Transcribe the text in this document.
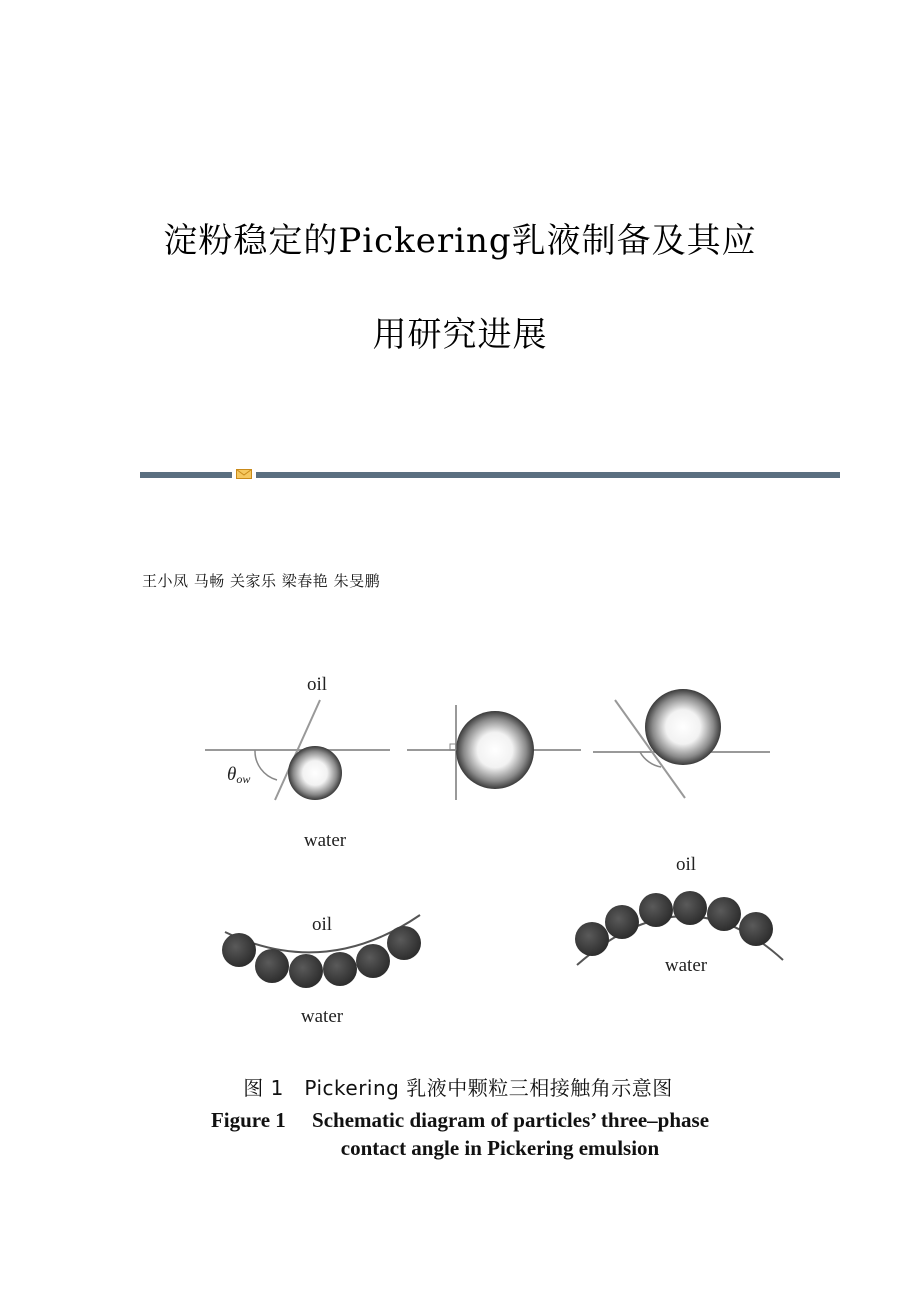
淀粉稳定的Pickering乳液制备及其应
用研究进展
王小凤 马畅 关家乐 梁春艳 朱旻鹏
oil
water
θow
oil
water
oil
water
图 1　Pickering 乳液中颗粒三相接触角示意图
Figure 1　 Schematic diagram of particles’ three–phase
contact angle in Pickering emulsion
